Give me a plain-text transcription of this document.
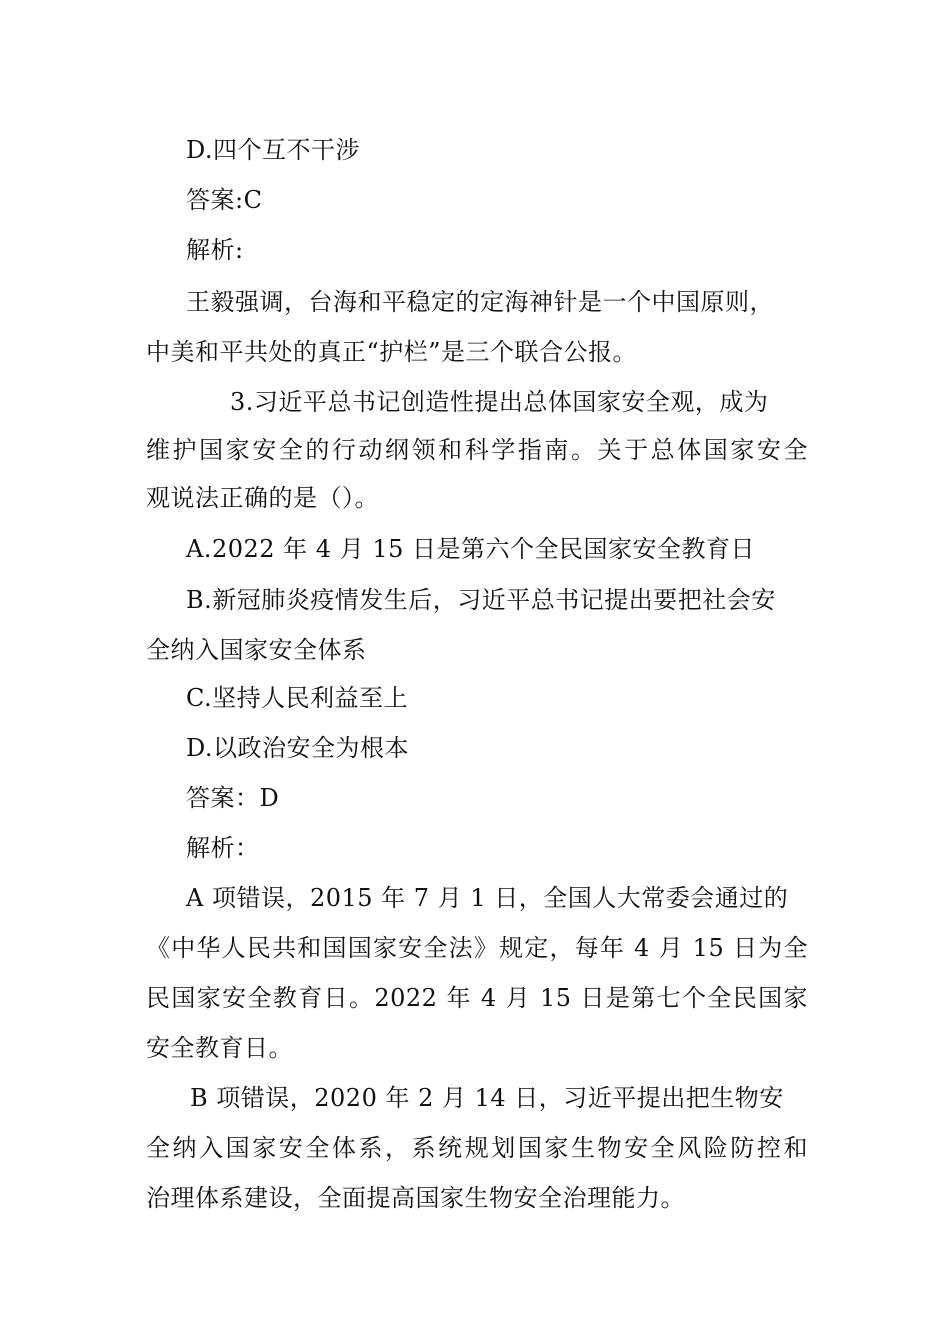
D.四个互不干涉
答案:C
解析:
王毅强调，台海和平稳定的定海神针是一个中国原则，
中美和平共处的真正“护栏”是三个联合公报。
3.习近平总书记创造性提出总体国家安全观，成为
维护国家安全的行动纲领和科学指南。关于总体国家安全
观说法正确的是（）。
A.2022 年 4 月 15 日是第六个全民国家安全教育日
B.新冠肺炎疫情发生后，习近平总书记提出要把社会安
全纳入国家安全体系
C.坚持人民利益至上
D.以政治安全为根本
答案：D
解析：
A 项错误，2015 年 7 月 1 日，全国人大常委会通过的
《中华人民共和国国家安全法》规定，每年 4 月 15 日为全
民国家安全教育日。2022 年 4 月 15 日是第七个全民国家
安全教育日。
B 项错误，2020 年 2 月 14 日，习近平提出把生物安
全纳入国家安全体系，系统规划国家生物安全风险防控和
治理体系建设，全面提高国家生物安全治理能力。
